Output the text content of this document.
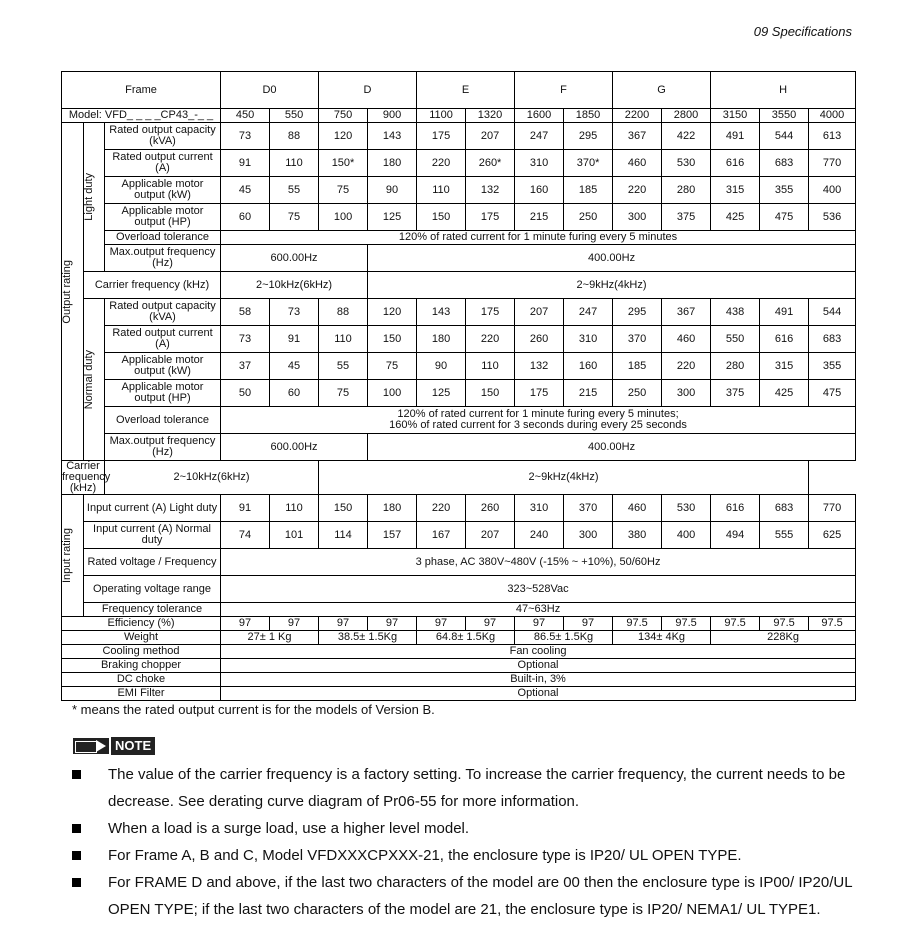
09 Specifications
Frame			D0		D		E		F		G		H		
Model: VFD_ _ _ _CP43_-_ _			450	550	750	900	1100	1320	1600	1850	2200	2800	3150	3550	4000

Output rating	Light duty	Rated output capacity (kVA)	73	88	120	143	175	207	247	295	367	422	491	544	613
		Rated output current (A)	91	110	150*	180	220	260*	310	370*	460	530	616	683	770
		Applicable motor output (kW)	45	55	75	90	110	132	160	185	220	280	315	355	400
		Applicable motor output (HP)	60	75	100	125	150	175	215	250	300	375	425	475	536
		Overload tolerance	120% of rated current for 1 minute furing every 5 minutes												
		Max.output frequency (Hz)	600.00Hz			400.00Hz									
	Carrier frequency (kHz)		2~10kHz(6kHz)			2~9kHz(4kHz)									

	Normal duty	Rated output capacity (kVA)	58	73	88	120	143	175	207	247	295	367	438	491	544
		Rated output current (A)	73	91	110	150	180	220	260	310	370	460	550	616	683
		Applicable motor output (kW)	37	45	55	75	90	110	132	160	185	220	280	315	355
		Applicable motor output (HP)	50	60	75	100	125	150	175	215	250	300	375	425	475
		Overload tolerance	120% of rated current for 1 minute furing every 5 minutes;
160% of rated current for 3 seconds during every 25 seconds												

		Max.output frequency (Hz)	600.00Hz			400.00Hz									
Carrier frequency (kHz)		2~10kHz(6kHz)			2~9kHz(4kHz)										

Input rating	Input current (A) Light duty		91	110	150	180	220	260	310	370	460	530	616	683	770
	Input current (A) Normal duty		74	101	114	157	167	207	240	300	380	400	494	555	625
	Rated voltage / Frequency		3 phase, AC 380V~480V (-15% ~ +10%), 50/60Hz												
	Operating voltage range		323~528Vac												
	Frequency tolerance		47~63Hz												
Efficiency (%)			97	97	97	97	97	97	97	97	97.5	97.5	97.5	97.5	97.5
Weight			27± 1 Kg		38.5± 1.5Kg		64.8± 1.5Kg		86.5± 1.5Kg		134± 4Kg		228Kg		
Cooling method			Fan cooling												
Braking chopper			Optional												
DC choke			Built-in, 3%												
EMI Filter			Optional												
* means the rated output current is for the models of Version B.
NOTE
The value of the carrier frequency is a factory setting. To increase the carrier frequency, the current needs to be decrease. See derating curve diagram of Pr06-55 for more information.
When a load is a surge load, use a higher level model.
For Frame A, B and C, Model VFDXXXCPXXX-21, the enclosure type is IP20/ UL OPEN TYPE.
For FRAME D and above, if the last two characters of the model are 00 then the enclosure type is IP00/ IP20/UL OPEN TYPE; if the last two characters of the model are 21, the enclosure type is IP20/ NEMA1/ UL TYPE1.
